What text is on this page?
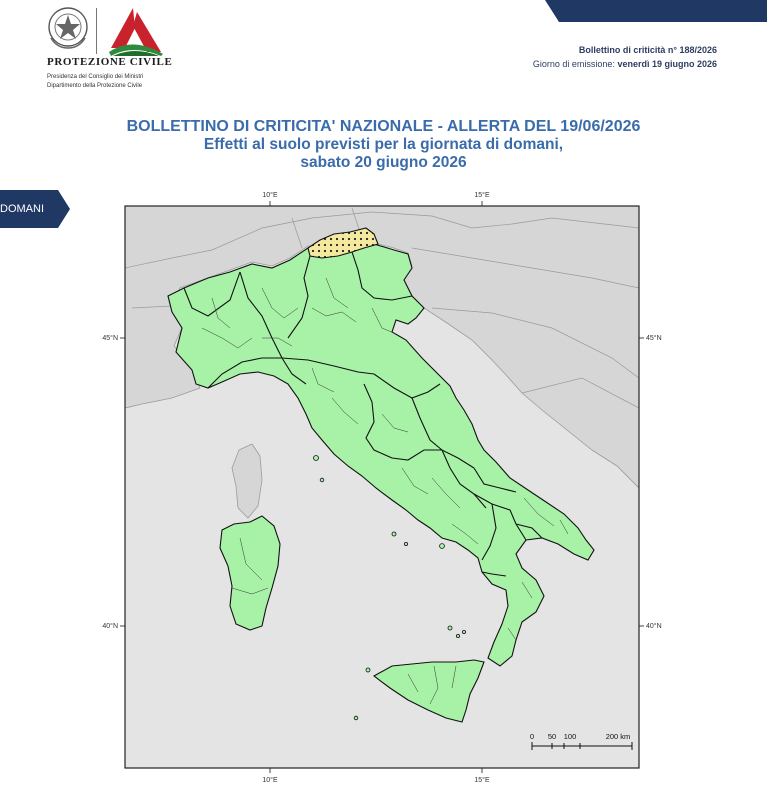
PROTEZIONE CIVILE
Presidenza del Consiglio dei Ministri
Dipartimento della Protezione Civile
Bollettino di criticità n° 188/2026
Giorno di emissione: venerdì 19 giugno 2026
BOLLETTINO DI CRITICITA' NAZIONALE - ALLERTA DEL 19/06/2026
Effetti al suolo previsti per la giornata di domani,
sabato 20 giugno 2026
DOMANI
10°E	15°E
10°E	15°E
45°N
40°N
45°N
40°N
0 50 100	200 km
